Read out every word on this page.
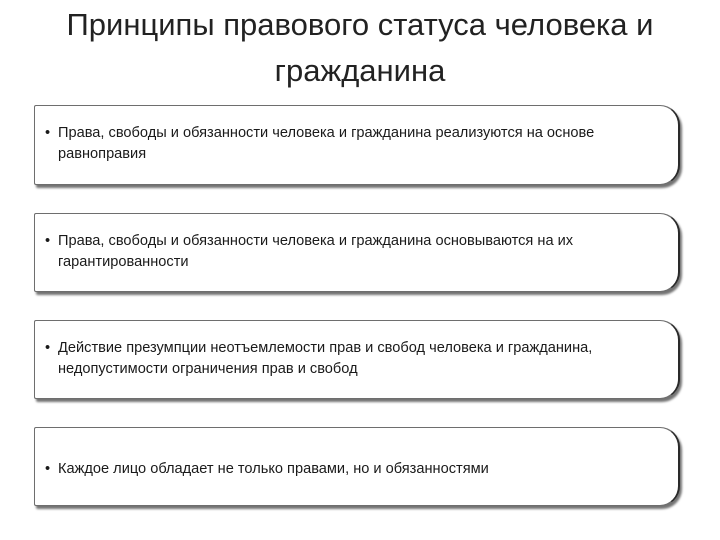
Принципы правового статуса человека и
гражданина
• Права, свободы и обязанности человека и гражданина реализуются на основе равноправия
• Права, свободы и обязанности человека и гражданина основываются на их гарантированности
• Действие презумпции неотъемлемости прав и свобод человека и гражданина, недопустимости ограничения прав и свобод
• Каждое лицо обладает не только правами, но и обязанностями
